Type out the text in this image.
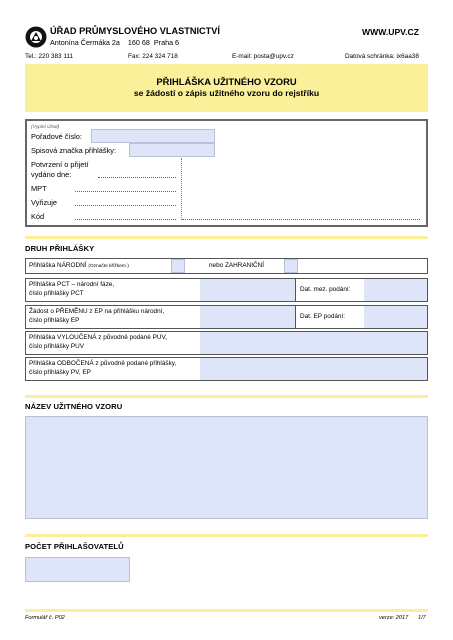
ÚŘAD PRŮMYSLOVÉHO VLASTNICTVÍ
Antonína Čermáka 2a    160 68  Praha 6
WWW.UPV.CZ
Tel.: 220 383 111	Fax: 224 324 718	E-mail: posta@upv.cz	Datová schránka: ix6aa38
PŘIHLÁŠKA UŽITNÉHO VZORU
se žádostí o zápis užitného vzoru do rejstříku
(Vyplní Úřad)
Pořadové číslo:
Spisová značka přihlášky:
Potvrzení o přijetí
vydáno dne:
MPT
Vyřizuje
Kód
DRUH PŘIHLÁŠKY
Přihláška NÁRODNÍ (Označte křížkem.)	nebo ZAHRANIČNÍ
Přihláška PCT – národní fáze,
číslo přihlášky PCT
Dat. mez. podání:
Žádost o PŘEMĚNU z EP na přihlášku národní,
číslo přihlášky EP
Dat. EP podání:
Přihláška VYLOUČENÁ z původně podané PUV,
číslo přihlášky PUV
Přihláška ODBOČENÁ z původně podané přihlášky,
číslo přihlášky PV, EP
NÁZEV UŽITNÉHO VZORU
POČET PŘIHLAŠOVATELŮ
Formulář č. P02	verze: 2017 1/7
